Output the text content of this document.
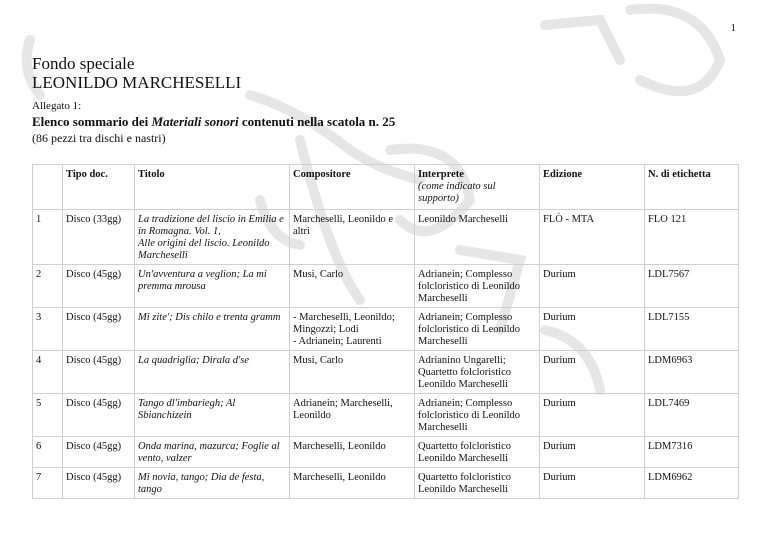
1
Fondo speciale
LEONILDO MARCHESELLI
Allegato 1:
Elenco sommario dei Materiali sonori contenuti nella scatola n. 25
(86 pezzi tra dischi e nastri)
	Tipo doc.	Titolo	Compositore	Interprete
(come indicato sul supporto)	Edizione	N. di etichetta
1	Disco (33gg)	La tradizione del liscio in Emilia e in Romagna. Vol. 1,
Alle origini del liscio. Leonildo Marcheselli	Marcheselli, Leonildo e altri	Leonildo Marcheselli	FLÒ - MTA	FLO 121
2	Disco (45gg)	Un'avventura a veglion; La mi premma mrousa	Musi, Carlo	Adrianein; Complesso folcloristico di Leonildo Marcheselli	Durium	LDL7567
3	Disco (45gg)	Mi zite'; Dis chilo e trenta gramm	- Marcheselli, Leonildo;
Mingozzi; Lodi
- Adrianein; Laurenti	Adrianein; Complesso folcloristico di Leonildo Marcheselli	Durium	LDL7155
4	Disco (45gg)	La quadriglia; Dirala d'se	Musi, Carlo	Adrianino Ungarelli; Quartetto folcloristico Leonildo Marcheselli	Durium	LDM6963
5	Disco (45gg)	Tango dl'imbariegh; Al Sbianchizein	Adrianein; Marcheselli, Leonildo	Adrianein; Complesso folcloristico di Leonildo Marcheselli	Durium	LDL7469
6	Disco (45gg)	Onda marina, mazurca; Foglie al vento, valzer	Marcheselli, Leonildo	Quartetto folcloristico Leonildo Marcheselli	Durium	LDM7316
7	Disco (45gg)	Mi novia, tango; Dia de festa, tango	Marcheselli, Leonildo	Quartetto folcloristico Leonildo Marcheselli	Durium	LDM6962
